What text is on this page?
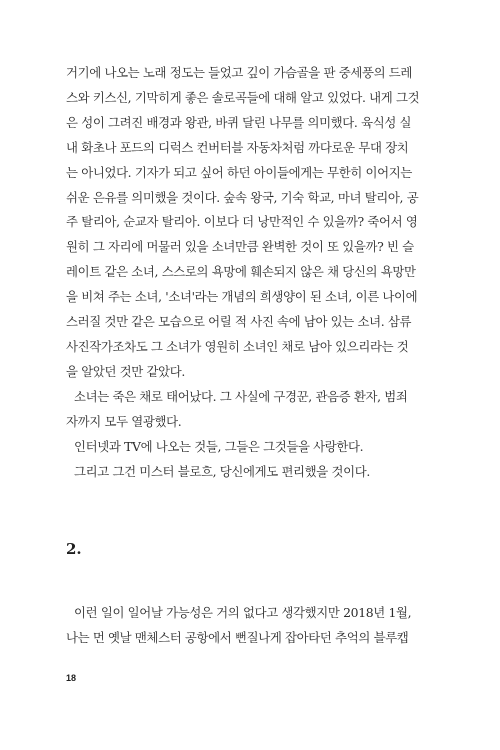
거기에 나오는 노래 정도는 들었고 깊이 가슴골을 판 중세풍의 드레
스와 키스신, 기막히게 좋은 솔로곡들에 대해 알고 있었다. 내게 그것
은 성이 그려진 배경과 왕관, 바퀴 달린 나무를 의미했다. 육식성 실
내 화초나 포드의 디럭스 컨버터블 자동차처럼 까다로운 무대 장치
는 아니었다. 기자가 되고 싶어 하던 아이들에게는 무한히 이어지는
쉬운 은유를 의미했을 것이다. 숲속 왕국, 기숙 학교, 마녀 탈리아, 공
주 탈리아, 순교자 탈리아. 이보다 더 낭만적인 수 있을까? 죽어서 영
원히 그 자리에 머물러 있을 소녀만큼 완벽한 것이 또 있을까? 빈 슬
레이트 같은 소녀, 스스로의 욕망에 훼손되지 않은 채 당신의 욕망만
을 비쳐 주는 소녀, '소녀'라는 개념의 희생양이 된 소녀, 이른 나이에
스러질 것만 같은 모습으로 어릴 적 사진 속에 남아 있는 소녀. 삼류
사진작가조차도 그 소녀가 영원히 소녀인 채로 남아 있으리라는 것
을 알았던 것만 같았다.

소녀는 죽은 채로 태어났다. 그 사실에 구경꾼, 관음증 환자, 범죄
자까지 모두 열광했다.

인터넷과 TV에 나오는 것들, 그들은 그것들을 사랑한다.

그리고 그건 미스터 블로흐, 당신에게도 편리했을 것이다.

2.

이런 일이 일어날 가능성은 거의 없다고 생각했지만 2018년 1월,
나는 먼 옛날 맨체스터 공항에서 뻔질나게 잡아타던 추억의 블루캡

18
